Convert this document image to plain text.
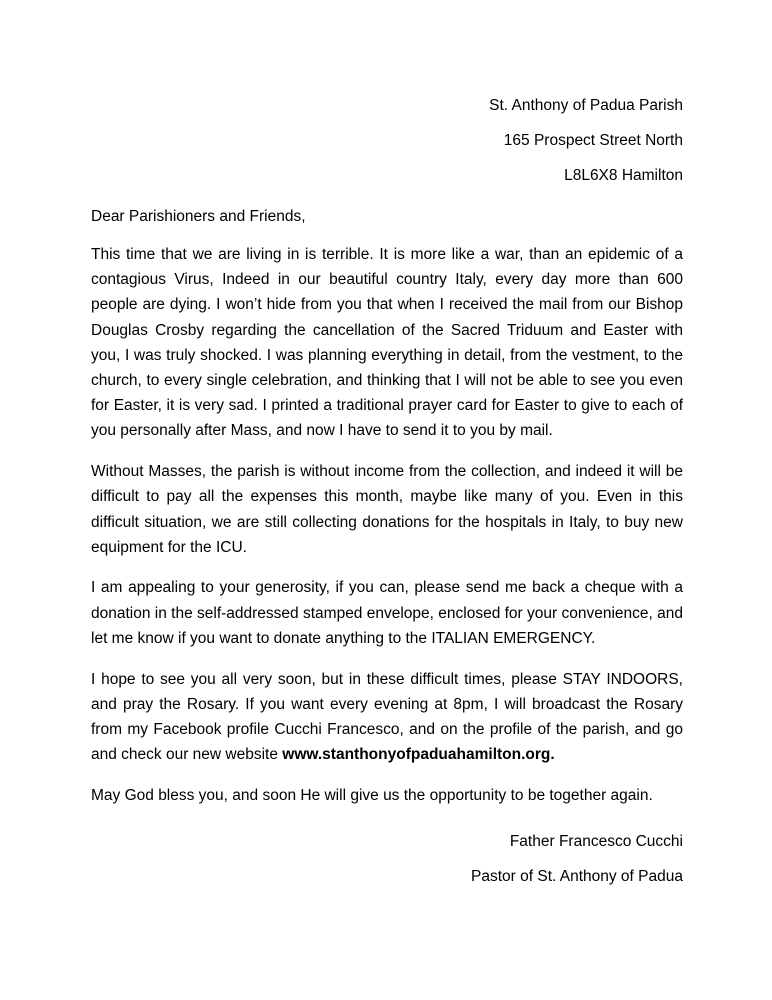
St. Anthony of Padua Parish
165 Prospect Street North
L8L6X8 Hamilton
Dear Parishioners and Friends,

This time that we are living in is terrible. It is more like a war, than an epidemic of a contagious Virus, Indeed in our beautiful country Italy, every day more than 600 people are dying. I won’t hide from you that when I received the mail from our Bishop Douglas Crosby regarding the cancellation of the Sacred Triduum and Easter with you, I was truly shocked. I was planning everything in detail, from the vestment, to the church, to every single celebration, and thinking that I will not be able to see you even for Easter, it is very sad. I printed a traditional prayer card for Easter to give to each of you personally after Mass, and now I have to send it to you by mail.

Without Masses, the parish is without income from the collection, and indeed it will be difficult to pay all the expenses this month, maybe like many of you. Even in this difficult situation, we are still collecting donations for the hospitals in Italy, to buy new equipment for the ICU.

I am appealing to your generosity, if you can, please send me back a cheque with a donation in the self-addressed stamped envelope, enclosed for your convenience, and let me know if you want to donate anything to the ITALIAN EMERGENCY.

I hope to see you all very soon, but in these difficult times, please STAY INDOORS, and pray the Rosary. If you want every evening at 8pm, I will broadcast the Rosary from my Facebook profile Cucchi Francesco, and on the profile of the parish, and go and check our new website www.stanthonyofpaduahamilton.org.

May God bless you, and soon He will give us the opportunity to be together again.

Father Francesco Cucchi
Pastor of St. Anthony of Padua
